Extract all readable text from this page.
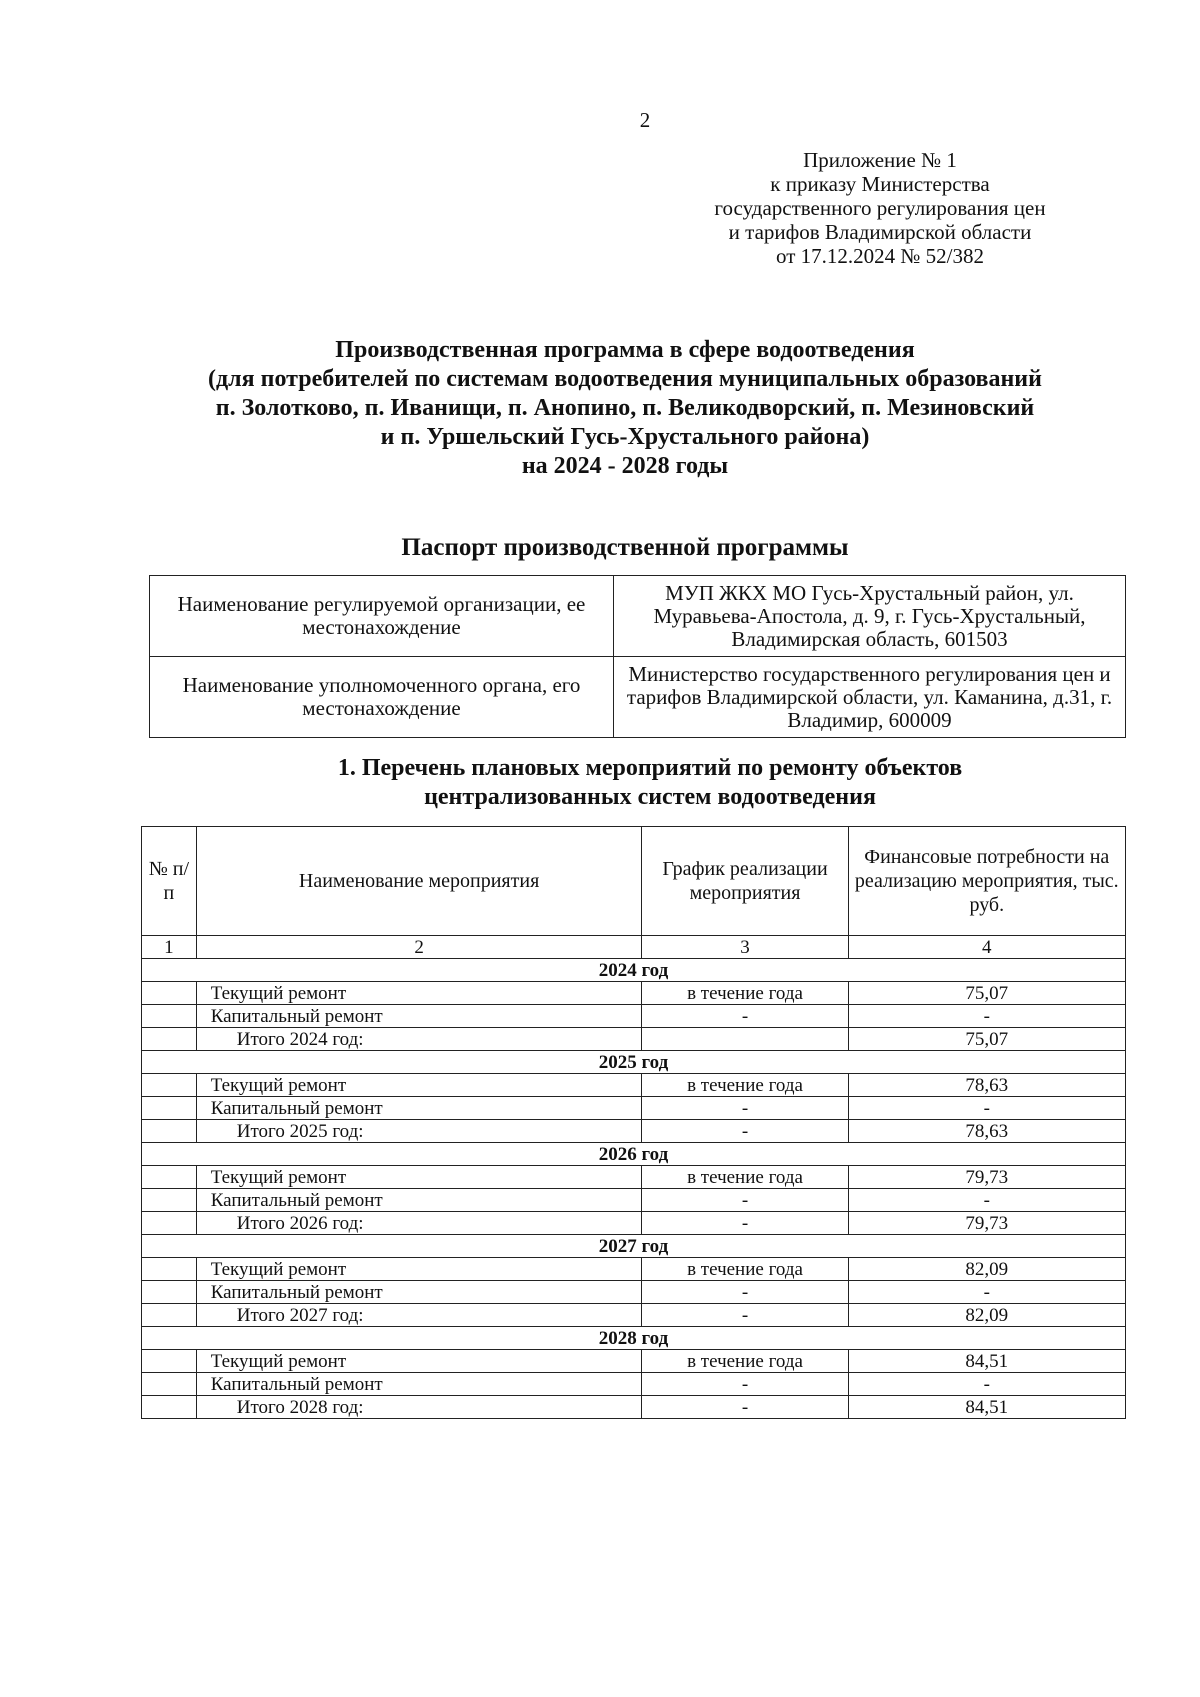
2
Приложение № 1
к приказу Министерства
государственного регулирования цен
и тарифов Владимирской области
от 17.12.2024 № 52/382
Производственная программа в сфере водоотведения
(для потребителей по системам водоотведения муниципальных образований
п. Золотково, п. Иванищи, п. Анопино, п. Великодворский, п. Мезиновский
и п. Уршельский Гусь-Хрустального района)
на 2024 - 2028 годы
Паспорт производственной программы
Наименование регулируемой организации, ее местонахождение	МУП ЖКХ МО Гусь-Хрустальный район, ул. Муравьева-Апостола, д. 9, г. Гусь-Хрустальный, Владимирская область, 601503
Наименование уполномоченного органа, его местонахождение	Министерство государственного регулирования цен и тарифов Владимирской области, ул. Каманина, д.31, г. Владимир, 600009
1. Перечень плановых мероприятий по ремонту объектов
централизованных систем водоотведения
№ п/п	Наименование мероприятия	График реализации мероприятия	Финансовые потребности на реализацию мероприятия, тыс. руб.
1	2	3	4
2024 год			
	Текущий ремонт	в течение года	75,07
	Капитальный ремонт	-	-
	Итого 2024 год:		75,07
2025 год			
	Текущий ремонт	в течение года	78,63
	Капитальный ремонт	-	-
	Итого 2025 год:	-	78,63
2026 год			
	Текущий ремонт	в течение года	79,73
	Капитальный ремонт	-	-
	Итого 2026 год:	-	79,73
2027 год			
	Текущий ремонт	в течение года	82,09
	Капитальный ремонт	-	-
	Итого 2027 год:	-	82,09
2028 год			
	Текущий ремонт	в течение года	84,51
	Капитальный ремонт	-	-
	Итого 2028 год:	-	84,51
